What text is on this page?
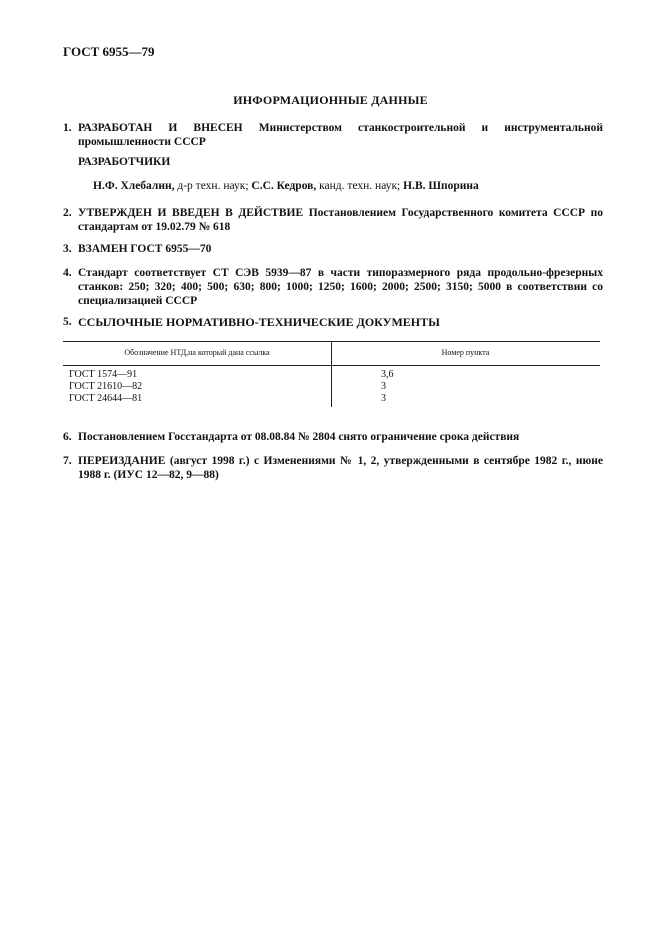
ГОСТ 6955—79
ИНФОРМАЦИОННЫЕ ДАННЫЕ
1. РАЗРАБОТАН И ВНЕСЕН Министерством станкостроительной и инструментальной промышленности СССР
РАЗРАБОТЧИКИ
Н.Ф. Хлебалин, д-р техн. наук; С.С. Кедров, канд. техн. наук; Н.В. Шпорина
2. УТВЕРЖДЕН И ВВЕДЕН В ДЕЙСТВИЕ Постановлением Государственного комитета СССР по стандартам от 19.02.79 № 618
3. ВЗАМЕН ГОСТ 6955—70
4. Стандарт соответствует СТ СЭВ 5939—87 в части типоразмерного ряда продольно-фрезерных станков: 250; 320; 400; 500; 630; 800; 1000; 1250; 1600; 2000; 2500; 3150; 5000 в соответствии со специализацией СССР
5. ССЫЛОЧНЫЕ НОРМАТИВНО-ТЕХНИЧЕСКИЕ ДОКУМЕНТЫ
Обозначение НТД,на который дана ссылка	Номер пункта
ГОСТ 1574—91	3,6
ГОСТ 21610—82	3
ГОСТ 24644—81	3
6. Постановлением Госстандарта от 08.08.84 № 2804 снято ограничение срока действия
7. ПЕРЕИЗДАНИЕ (август 1998 г.) с Изменениями № 1, 2, утвержденными в сентябре 1982 г., июне 1988 г. (ИУС 12—82, 9—88)
